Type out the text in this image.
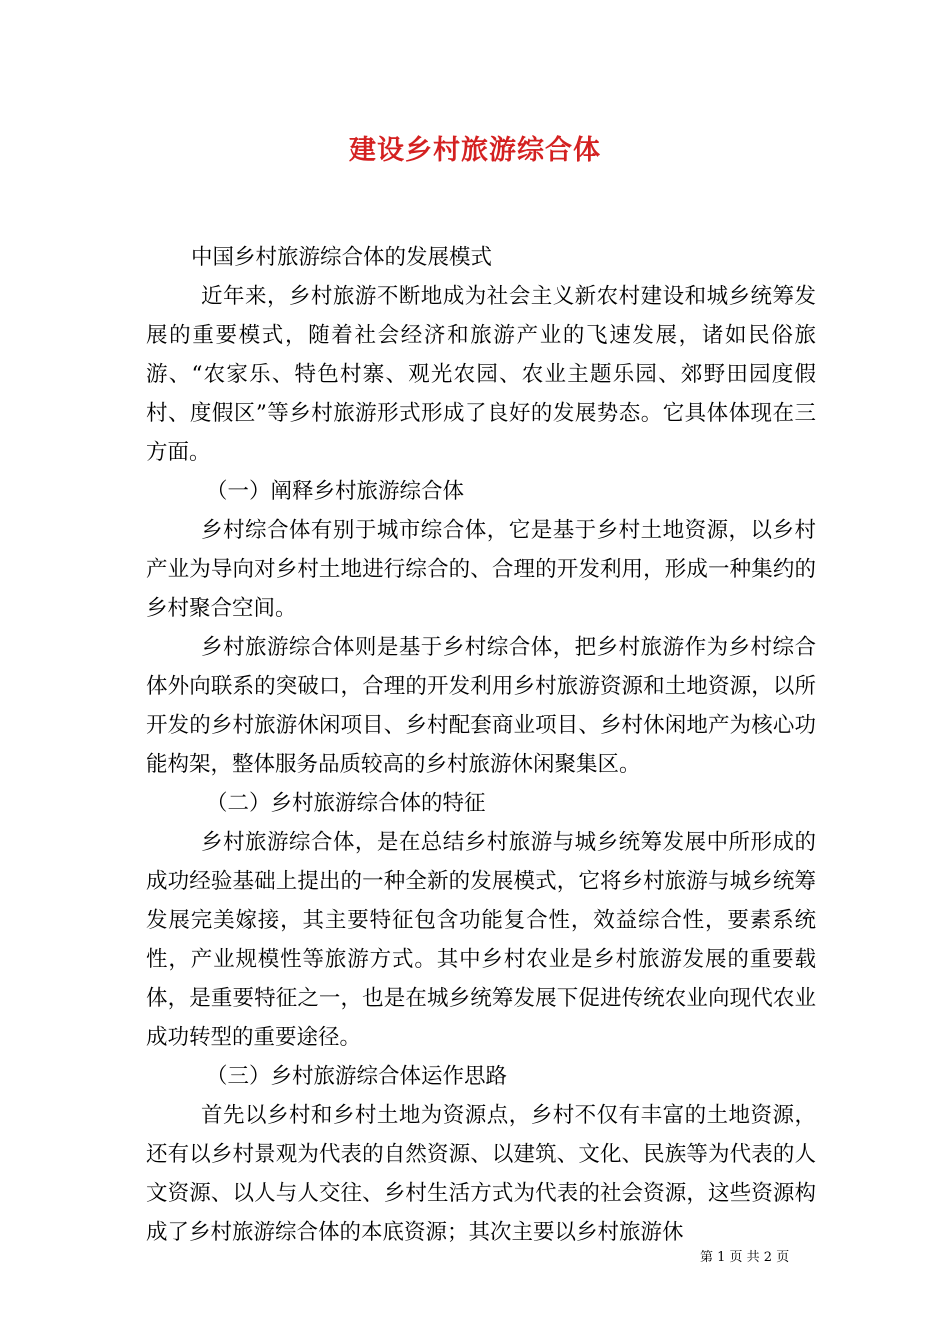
建设乡村旅游综合体

中国乡村旅游综合体的发展模式

近年来，乡村旅游不断地成为社会主义新农村建设和城乡统筹发展的重要模式，随着社会经济和旅游产业的飞速发展，诸如民俗旅游、“农家乐、特色村寨、观光农园、农业主题乐园、郊野田园度假村、度假区”等乡村旅游形式形成了良好的发展势态。它具体体现在三方面。

（一）阐释乡村旅游综合体

乡村综合体有别于城市综合体，它是基于乡村土地资源，以乡村产业为导向对乡村土地进行综合的、合理的开发利用，形成一种集约的乡村聚合空间。

乡村旅游综合体则是基于乡村综合体，把乡村旅游作为乡村综合体外向联系的突破口，合理的开发利用乡村旅游资源和土地资源，以所开发的乡村旅游休闲项目、乡村配套商业项目、乡村休闲地产为核心功能构架，整体服务品质较高的乡村旅游休闲聚集区。

（二）乡村旅游综合体的特征

乡村旅游综合体，是在总结乡村旅游与城乡统筹发展中所形成的成功经验基础上提出的一种全新的发展模式，它将乡村旅游与城乡统筹发展完美嫁接，其主要特征包含功能复合性，效益综合性，要素系统性，产业规模性等旅游方式。其中乡村农业是乡村旅游发展的重要载体，是重要特征之一，也是在城乡统筹发展下促进传统农业向现代农业成功转型的重要途径。

（三）乡村旅游综合体运作思路

首先以乡村和乡村土地为资源点，乡村不仅有丰富的土地资源，还有以乡村景观为代表的自然资源、以建筑、文化、民族等为代表的人文资源、以人与人交往、乡村生活方式为代表的社会资源，这些资源构成了乡村旅游综合体的本底资源；其次主要以乡村旅游休

第 1 页 共 2 页
